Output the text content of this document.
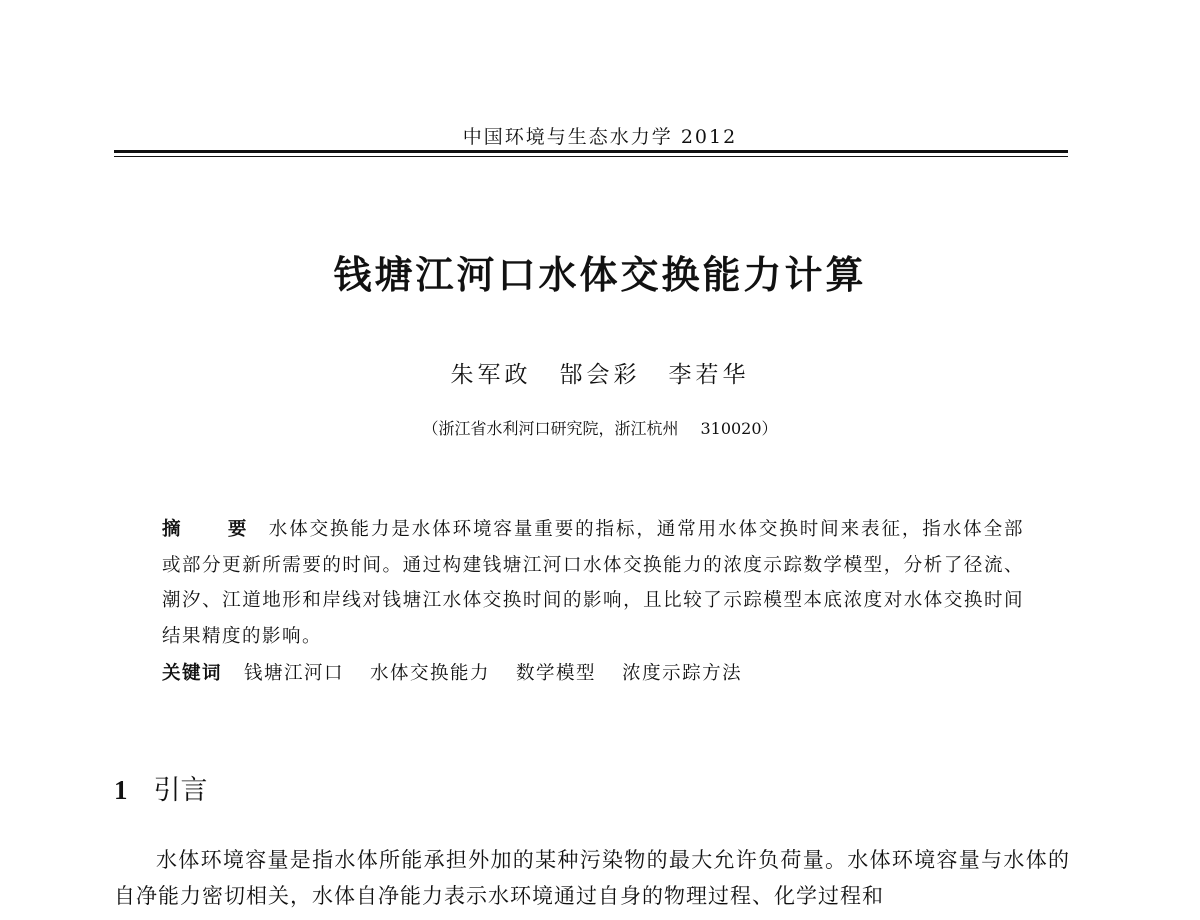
中国环境与生态水力学 2012
钱塘江河口水体交换能力计算
朱军政 郜会彩 李若华
（浙江省水利河口研究院，浙江杭州 310020）
摘　要 水体交换能力是水体环境容量重要的指标，通常用水体交换时间来表征，指水体全部或部分更新所需要的时间。通过构建钱塘江河口水体交换能力的浓度示踪数学模型，分析了径流、潮汐、江道地形和岸线对钱塘江水体交换时间的影响，且比较了示踪模型本底浓度对水体交换时间结果精度的影响。
关键词 钱塘江河口 水体交换能力 数学模型 浓度示踪方法
1 引言

水体环境容量是指水体所能承担外加的某种污染物的最大允许负荷量。水体环境容量与水体的自净能力密切相关，水体自净能力表示水环境通过自身的物理过程、化学过程和
